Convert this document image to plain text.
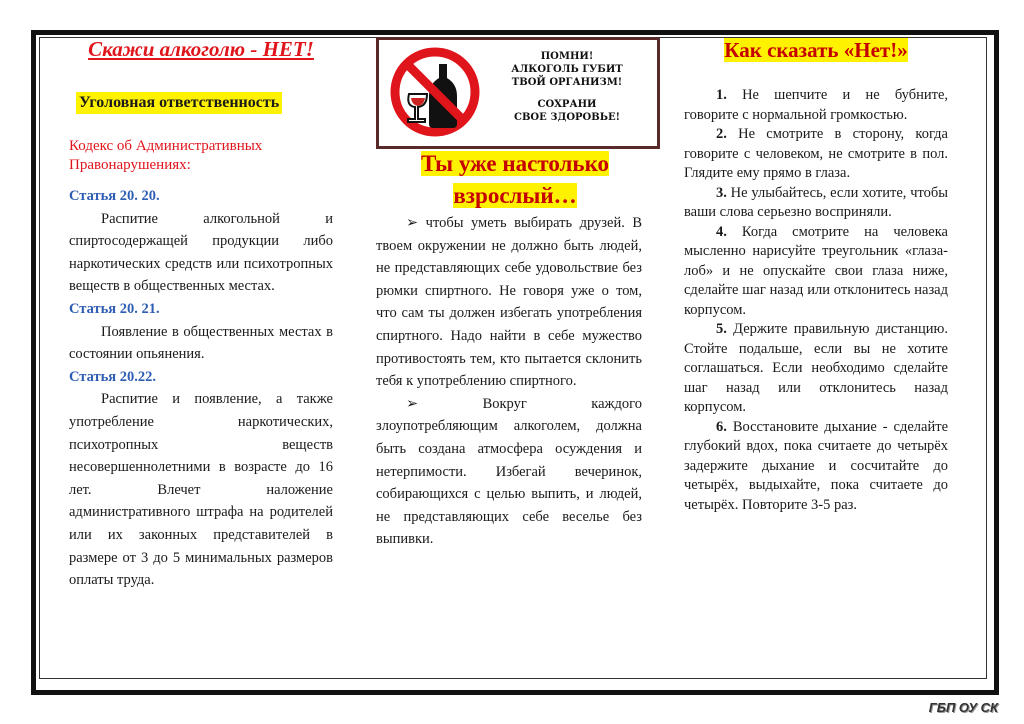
Скажи алкоголю - НЕТ!
Уголовная ответственность
Кодекс об Административных Правонарушениях:

Статья 20. 20.

Распитие алкогольной и спиртосодержащей продукции либо наркотических средств или психотропных веществ в общественных местах.

Статья 20. 21.

Появление в общественных местах в состоянии опьянения.

Статья 20.22.

Распитие и появление, а также употребление наркотических, психотропных веществ несовершеннолетними в возрасте до 16 лет. Влечет наложение административного штрафа на родителей или их законных представителей в размере от 3 до 5 минимальных размеров оплаты труда.

ПОМНИ!
АЛКОГОЛЬ ГУБИТ
ТВОЙ ОРГАНИЗМ!
СОХРАНИ
СВОЕ ЗДОРОВЬЕ!
Ты уже настолько
взрослый…

➢ чтобы уметь выбирать друзей. В твоем окружении не должно быть людей, не представляющих себе удовольствие без рюмки спиртного. Не говоря уже о том, что сам ты должен избегать употребления спиртного. Надо найти в себе мужество противостоять тем, кто пытается склонить тебя к употреблению спиртного.

➢	Вокруг каждого злоупотребляющим алкоголем, должна быть создана атмосфера осуждения и нетерпимости. Избегай вечеринок, собирающихся с целью выпить, и людей, не представляющих себе веселье без выпивки.

Как сказать «Нет!»

1. Не шепчите и не бубните, говорите с нормальной громкостью.

2. Не смотрите в сторону, когда говорите с человеком, не смотрите в пол. Глядите ему прямо в глаза.

3. Не улыбайтесь, если хотите, чтобы ваши слова серьезно восприняли.

4. Когда смотрите на человека мысленно нарисуйте треугольник «глаза-лоб» и не опускайте свои глаза ниже, сделайте шаг назад или отклонитесь назад корпусом.

5. Держите правильную дистанцию. Стойте подальше, если вы не хотите соглашаться. Если необходимо сделайте шаг назад или отклонитесь назад корпусом.

6. Восстановите дыхание - сделайте глубокий вдох, пока считаете до четырёх задержите дыхание и сосчитайте до четырёх, выдыхайте, пока считаете до четырёх. Повторите 3-5 раз.

ГБП ОУ СК
